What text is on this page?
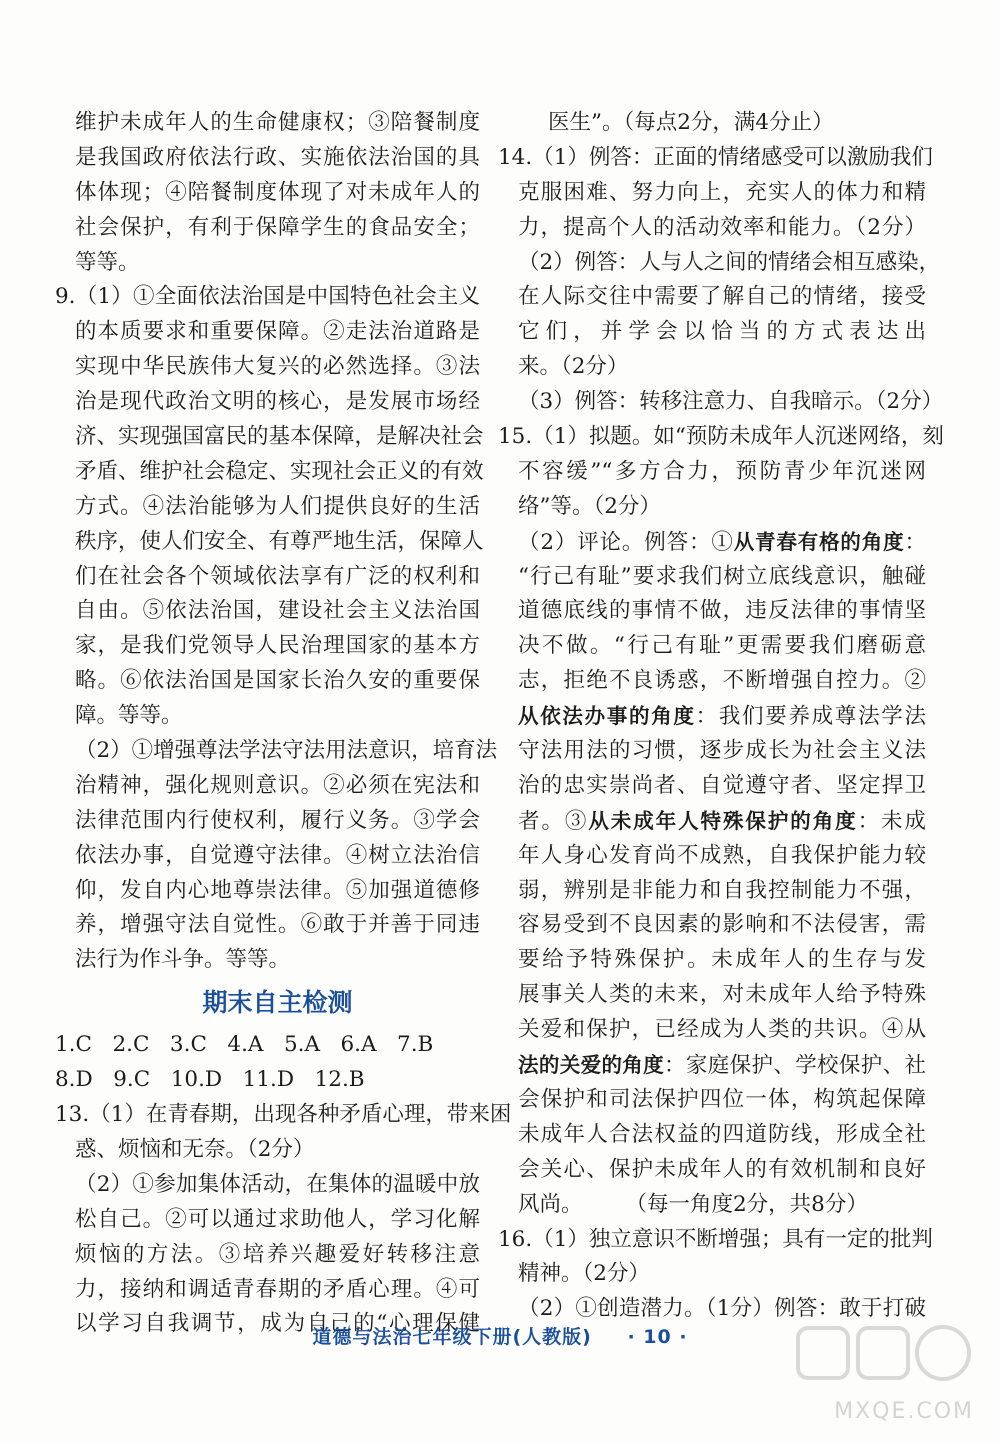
维护未成年人的生命健康权；③陪餐制度
是我国政府依法行政、实施依法治国的具
体体现；④陪餐制度体现了对未成年人的
社会保护，有利于保障学生的食品安全；
等等。
9.（1）①全面依法治国是中国特色社会主义
的本质要求和重要保障。②走法治道路是
实现中华民族伟大复兴的必然选择。③法
治是现代政治文明的核心，是发展市场经
济、实现强国富民的基本保障，是解决社会
矛盾、维护社会稳定、实现社会正义的有效
方式。④法治能够为人们提供良好的生活
秩序，使人们安全、有尊严地生活，保障人
们在社会各个领域依法享有广泛的权利和
自由。⑤依法治国，建设社会主义法治国
家，是我们党领导人民治理国家的基本方
略。⑥依法治国是国家长治久安的重要保
障。等等。
（2）①增强尊法学法守法用法意识，培育法
治精神，强化规则意识。②必须在宪法和
法律范围内行使权利，履行义务。③学会
依法办事，自觉遵守法律。④树立法治信
仰，发自内心地尊崇法律。⑤加强道德修
养，增强守法自觉性。⑥敢于并善于同违
法行为作斗争。等等。
期末自主检测
1.C   2.C   3.C   4.A   5.A   6.A   7.B
8.D   9.C   10.D   11.D   12.B
13.（1）在青春期，出现各种矛盾心理，带来困
惑、烦恼和无奈。（2分）
（2）①参加集体活动，在集体的温暖中放
松自己。②可以通过求助他人，学习化解
烦恼的方法。③培养兴趣爱好转移注意
力，接纳和调适青春期的矛盾心理。④可
以学习自我调节，成为自己的“心理保健
医生”。（每点2分，满4分止）
14.（1）例答：正面的情绪感受可以激励我们
克服困难、努力向上，充实人的体力和精
力，提高个人的活动效率和能力。（2分）
（2）例答：人与人之间的情绪会相互感染，
在人际交往中需要了解自己的情绪，接受
它们，并学会以恰当的方式表达出
来。（2分）
（3）例答：转移注意力、自我暗示。（2分）
15.（1）拟题。如“预防未成年人沉迷网络，刻
不容缓”“多方合力，预防青少年沉迷网
络”等。（2分）
（2）评论。例答：①从青春有格的角度：
“行己有耻”要求我们树立底线意识，触碰
道德底线的事情不做，违反法律的事情坚
决不做。“行己有耻”更需要我们磨砺意
志，拒绝不良诱惑，不断增强自控力。②
从依法办事的角度：我们要养成尊法学法
守法用法的习惯，逐步成长为社会主义法
治的忠实崇尚者、自觉遵守者、坚定捍卫
者。③从未成年人特殊保护的角度：未成
年人身心发育尚不成熟，自我保护能力较
弱，辨别是非能力和自我控制能力不强，
容易受到不良因素的影响和不法侵害，需
要给予特殊保护。未成年人的生存与发
展事关人类的未来，对未成年人给予特殊
关爱和保护，已经成为人类的共识。④从
法的关爱的角度：家庭保护、学校保护、社
会保护和司法保护四位一体，构筑起保障
未成年人合法权益的四道防线，形成全社
会关心、保护未成年人的有效机制和良好
风尚。　　　（每一角度2分，共8分）
16.（1）独立意识不断增强；具有一定的批判
精神。（2分）
（2）①创造潜力。（1分）例答：敢于打破
道德与法治七年级下册(人教版) · 10 ·
MXQE.COM
